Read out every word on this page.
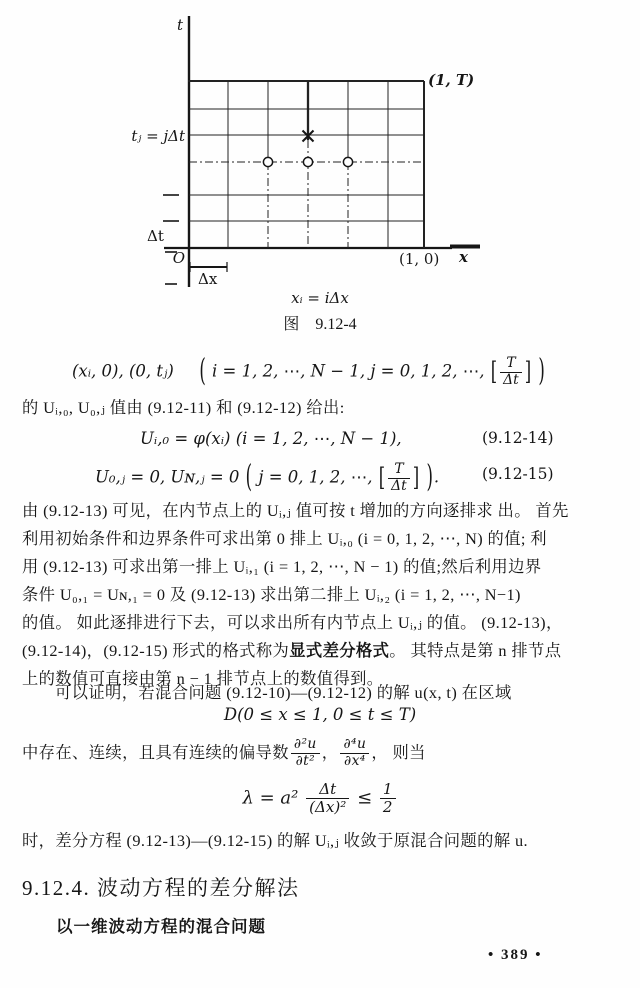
t
(1, T)
tⱼ = jΔt
Δt
O
Δx
(1, 0) x
xᵢ = iΔx
图　9.12-4
(xᵢ, 0), (0, tⱼ) ( i = 1, 2, ⋯, N − 1, j = 0, 1, 2, ⋯, [ $\frac{T}{\Delta t}$ ] )
的 Uᵢ,₀, U₀,ⱼ 值由 (9.12-11) 和 (9.12-12) 给出:
Uᵢ,₀ = φ(xᵢ) (i = 1, 2, ⋯, N − 1),	(9.12-14)
U₀,ⱼ = 0, Uɴ,ⱼ = 0 ( j = 0, 1, 2, ⋯, [ $\frac{T}{\Delta t}$ ] ).	(9.12-15)
由 (9.12-13) 可见，在内节点上的 Uᵢ,ⱼ 值可按 t 增加的方向逐排求 出。 首先
利用初始条件和边界条件可求出第 0 排上 Uᵢ,₀ (i = 0, 1, 2, ⋯, N) 的值; 利
用 (9.12-13) 可求出第一排上 Uᵢ,₁ (i = 1, 2, ⋯, N − 1) 的值;然后利用边界
条件 U₀,₁ = Uɴ,₁ = 0 及 (9.12-13) 求出第二排上 Uᵢ,₂ (i = 1, 2, ⋯, N−1)
的值。 如此逐排进行下去，可以求出所有内节点上 Uᵢ,ⱼ 的值。 (9.12-13)，
(9.12-14)，(9.12-15) 形式的格式称为显式差分格式。 其特点是第 n 排节点
上的数值可直接由第 n − 1 排节点上的数值得到。
可以证明，若混合问题 (9.12-10)—(9.12-12) 的解 u(x, t) 在区域
D(0 ≤ x ≤ 1, 0 ≤ t ≤ T)
中存在、连续，且具有连续的偏导数 $\frac{\text{∂²u}}{\text{∂t²}}$ ， $\frac{\text{∂⁴u}}{\text{∂x⁴}}$ ， 则当
$\lambda = a^2 \frac{\Delta t}{\text{(Δx)²}} \le \frac{1}{2}$
时，差分方程 (9.12-13)—(9.12-15) 的解 Uᵢ,ⱼ 收敛于原混合问题的解 u.
9.12.4. 波动方程的差分解法
以一维波动方程的混合问题
• 389 •
